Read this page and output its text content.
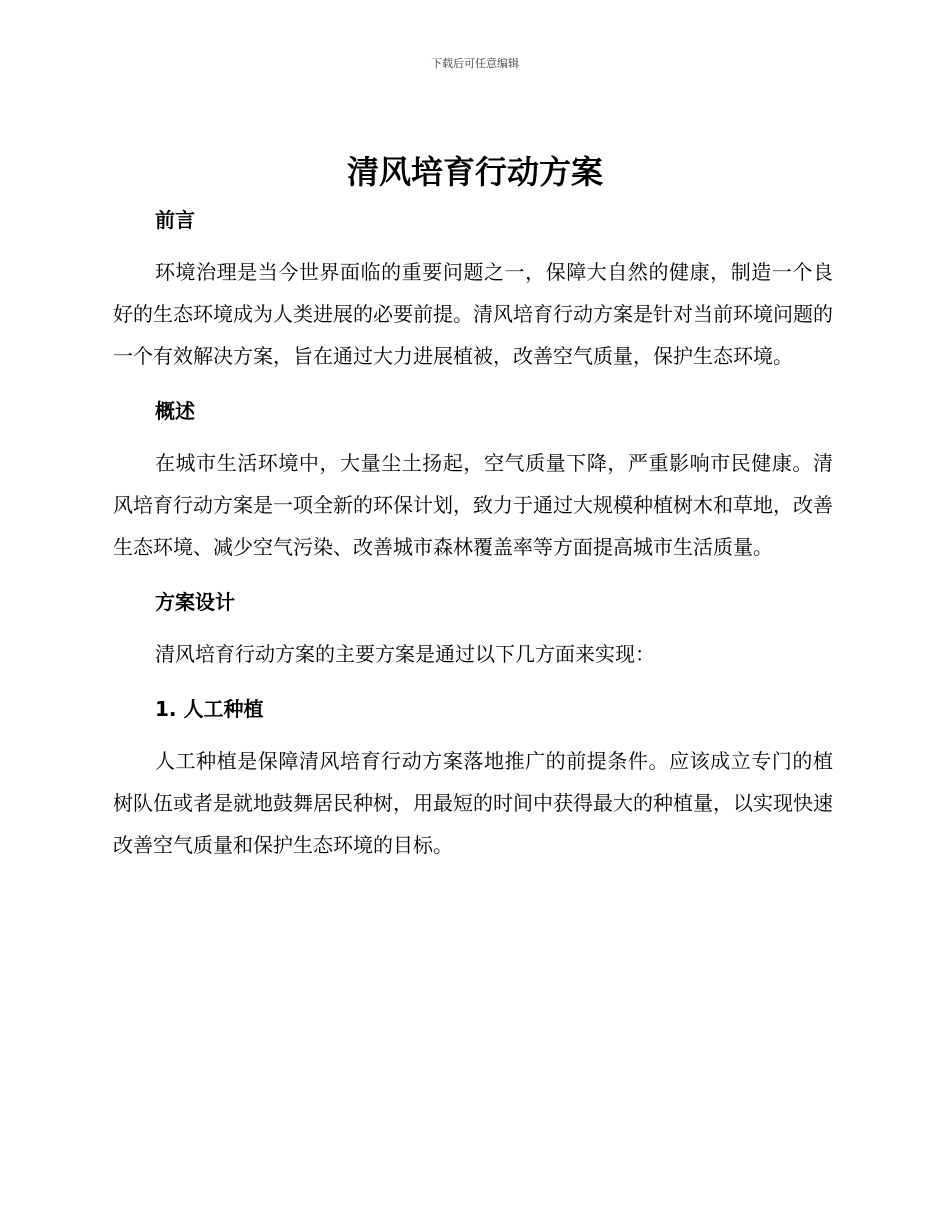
下载后可任意编辑
清风培育行动方案
前言

环境治理是当今世界面临的重要问题之一，保障大自然的健康，制造一个良好的生态环境成为人类进展的必要前提。清风培育行动方案是针对当前环境问题的一个有效解决方案，旨在通过大力进展植被，改善空气质量，保护生态环境。

概述

在城市生活环境中，大量尘土扬起，空气质量下降，严重影响市民健康。清风培育行动方案是一项全新的环保计划，致力于通过大规模种植树木和草地，改善生态环境、减少空气污染、改善城市森林覆盖率等方面提高城市生活质量。

方案设计

清风培育行动方案的主要方案是通过以下几方面来实现：

1. 人工种植

人工种植是保障清风培育行动方案落地推广的前提条件。应该成立专门的植树队伍或者是就地鼓舞居民种树，用最短的时间中获得最大的种植量，以实现快速改善空气质量和保护生态环境的目标。
